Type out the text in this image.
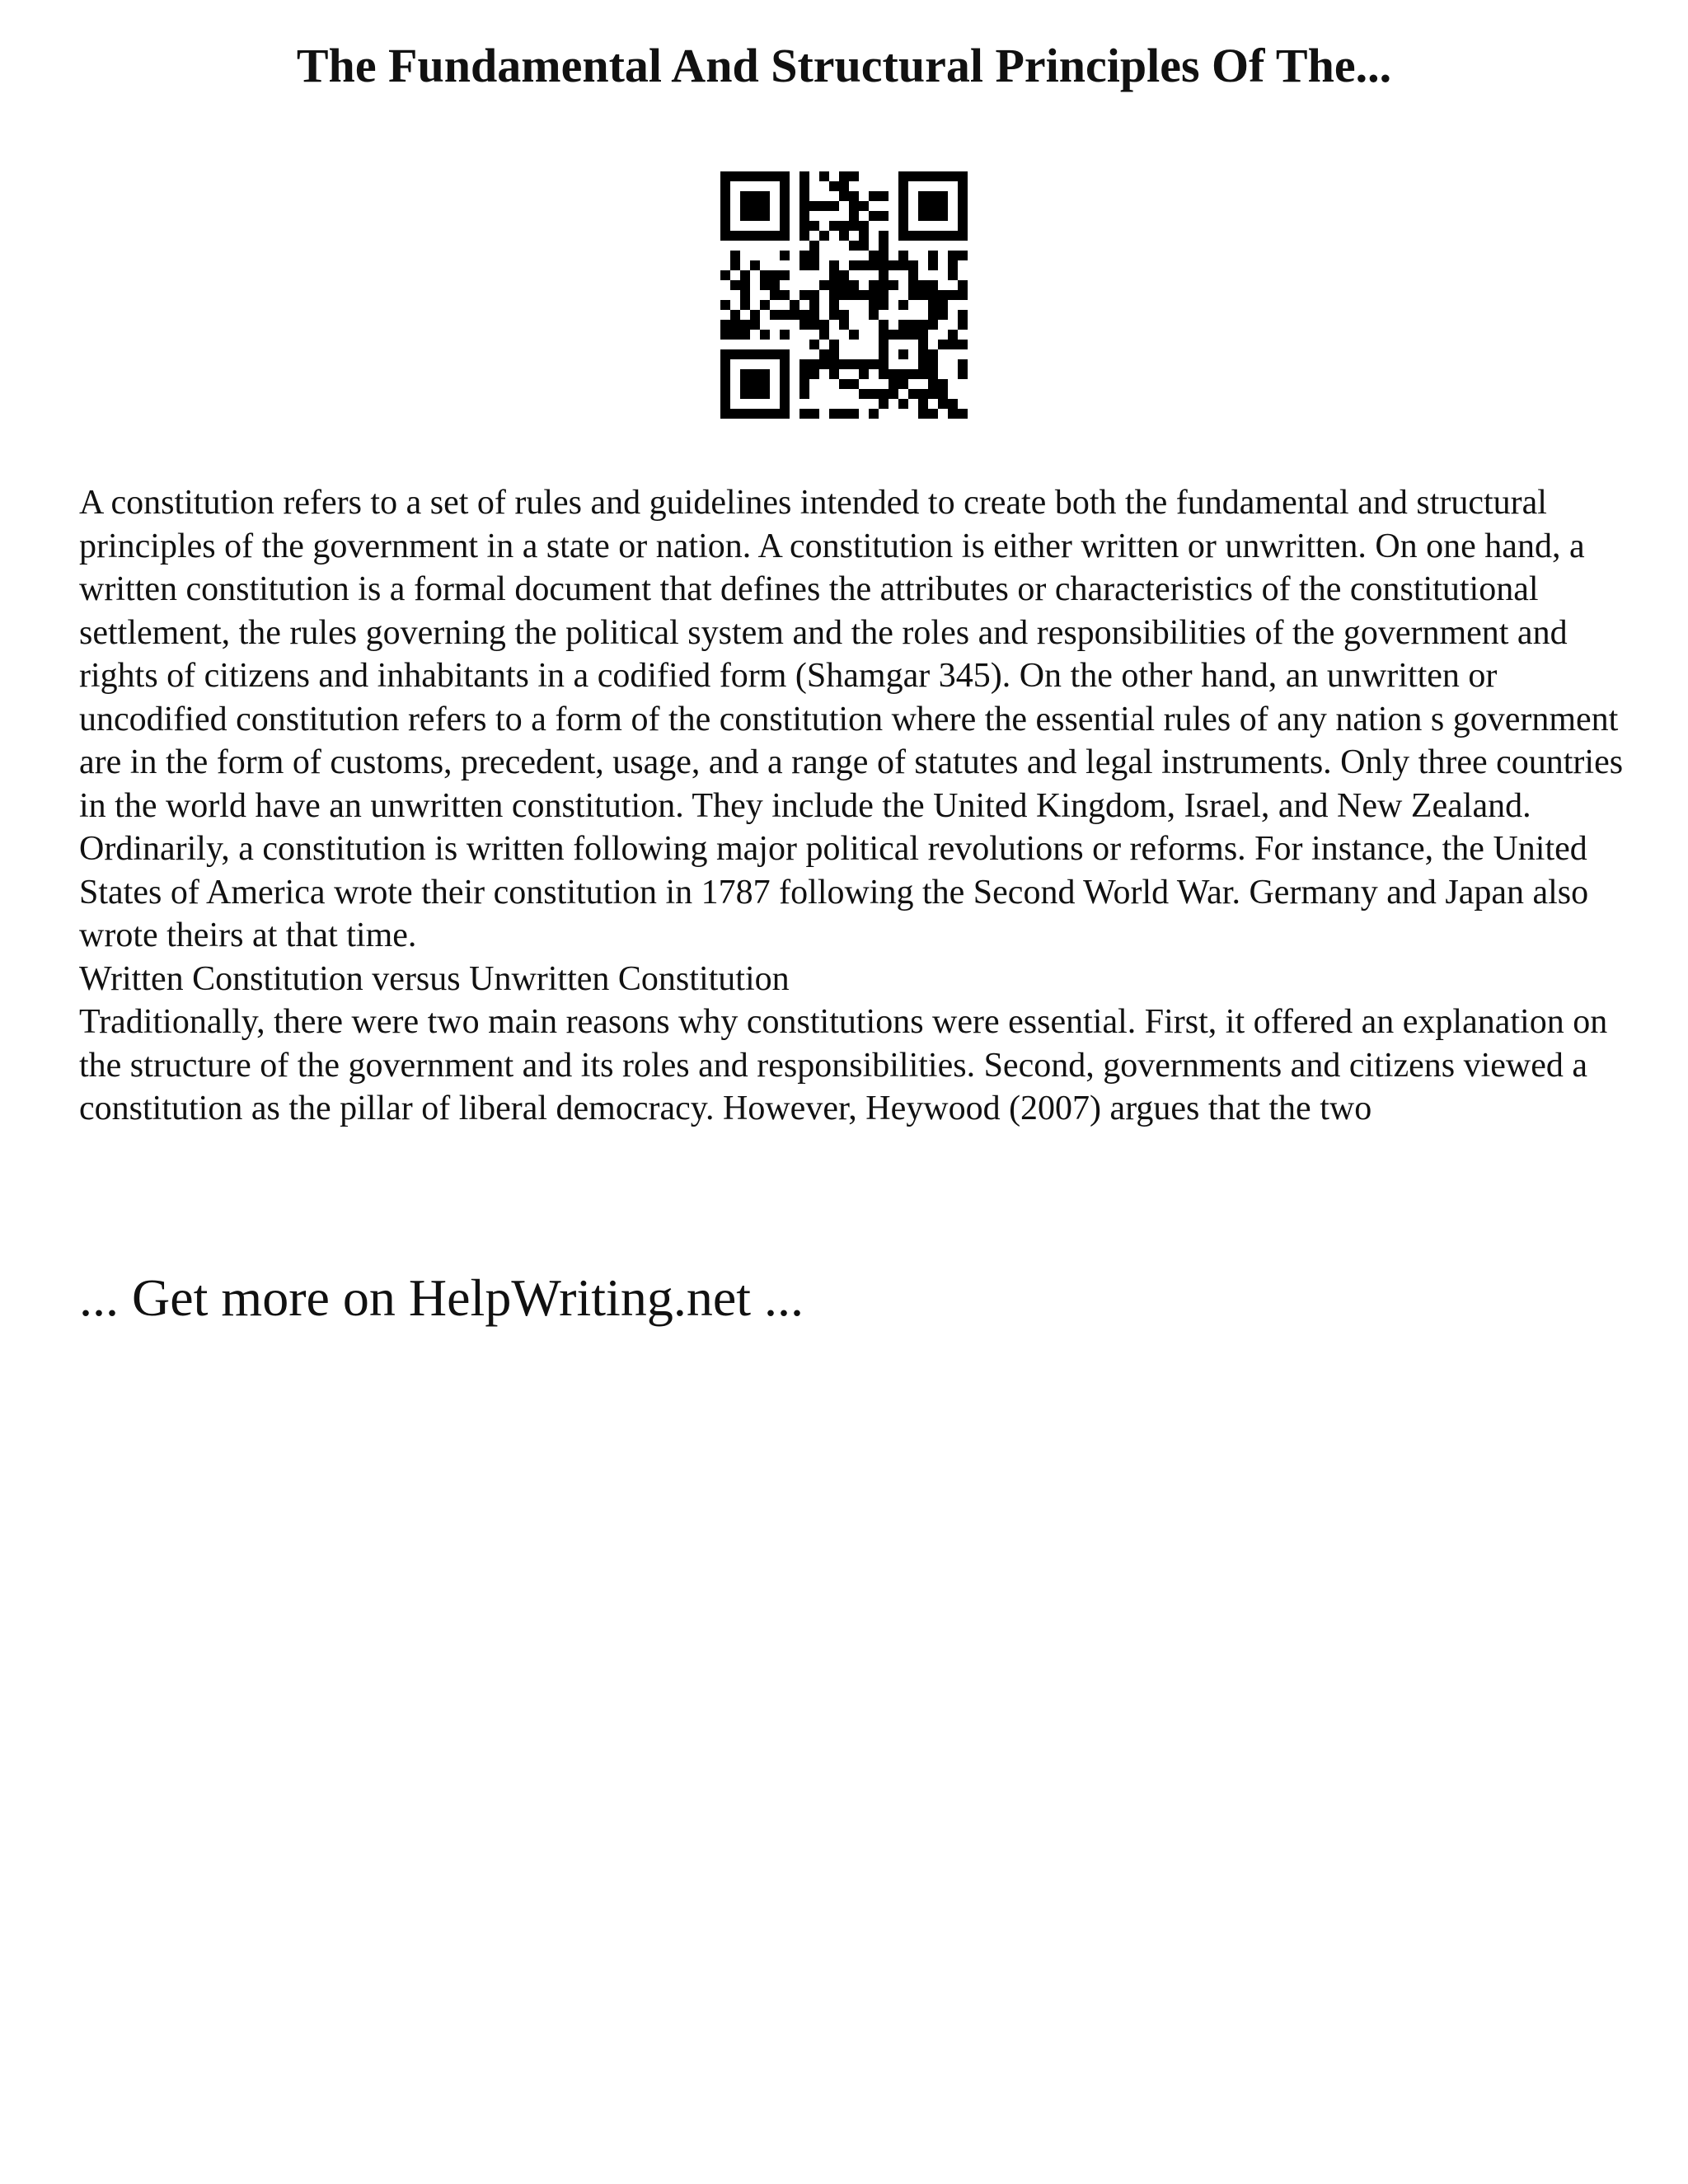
The Fundamental And Structural Principles Of The...

A constitution refers to a set of rules and guidelines intended to create both the fundamental and structural principles of the government in a state or nation. A constitution is either written or unwritten. On one hand, a written constitution is a formal document that defines the attributes or characteristics of the constitutional settlement, the rules governing the political system and the roles and responsibilities of the government and rights of citizens and inhabitants in a codified form (Shamgar 345). On the other hand, an unwritten or uncodified constitution refers to a form of the constitution where the essential rules of any nation s government are in the form of customs, precedent, usage, and a range of statutes and legal instruments. Only three countries in the world have an unwritten constitution. They include the United Kingdom, Israel, and New Zealand. Ordinarily, a constitution is written following major political revolutions or reforms. For instance, the United States of America wrote their constitution in 1787 following the Second World War. Germany and Japan also wrote theirs at that time.

Written Constitution versus Unwritten Constitution

Traditionally, there were two main reasons why constitutions were essential. First, it offered an explanation on the structure of the government and its roles and responsibilities. Second, governments and citizens viewed a constitution as the pillar of liberal democracy. However, Heywood (2007) argues that the two

... Get more on HelpWriting.net ...
